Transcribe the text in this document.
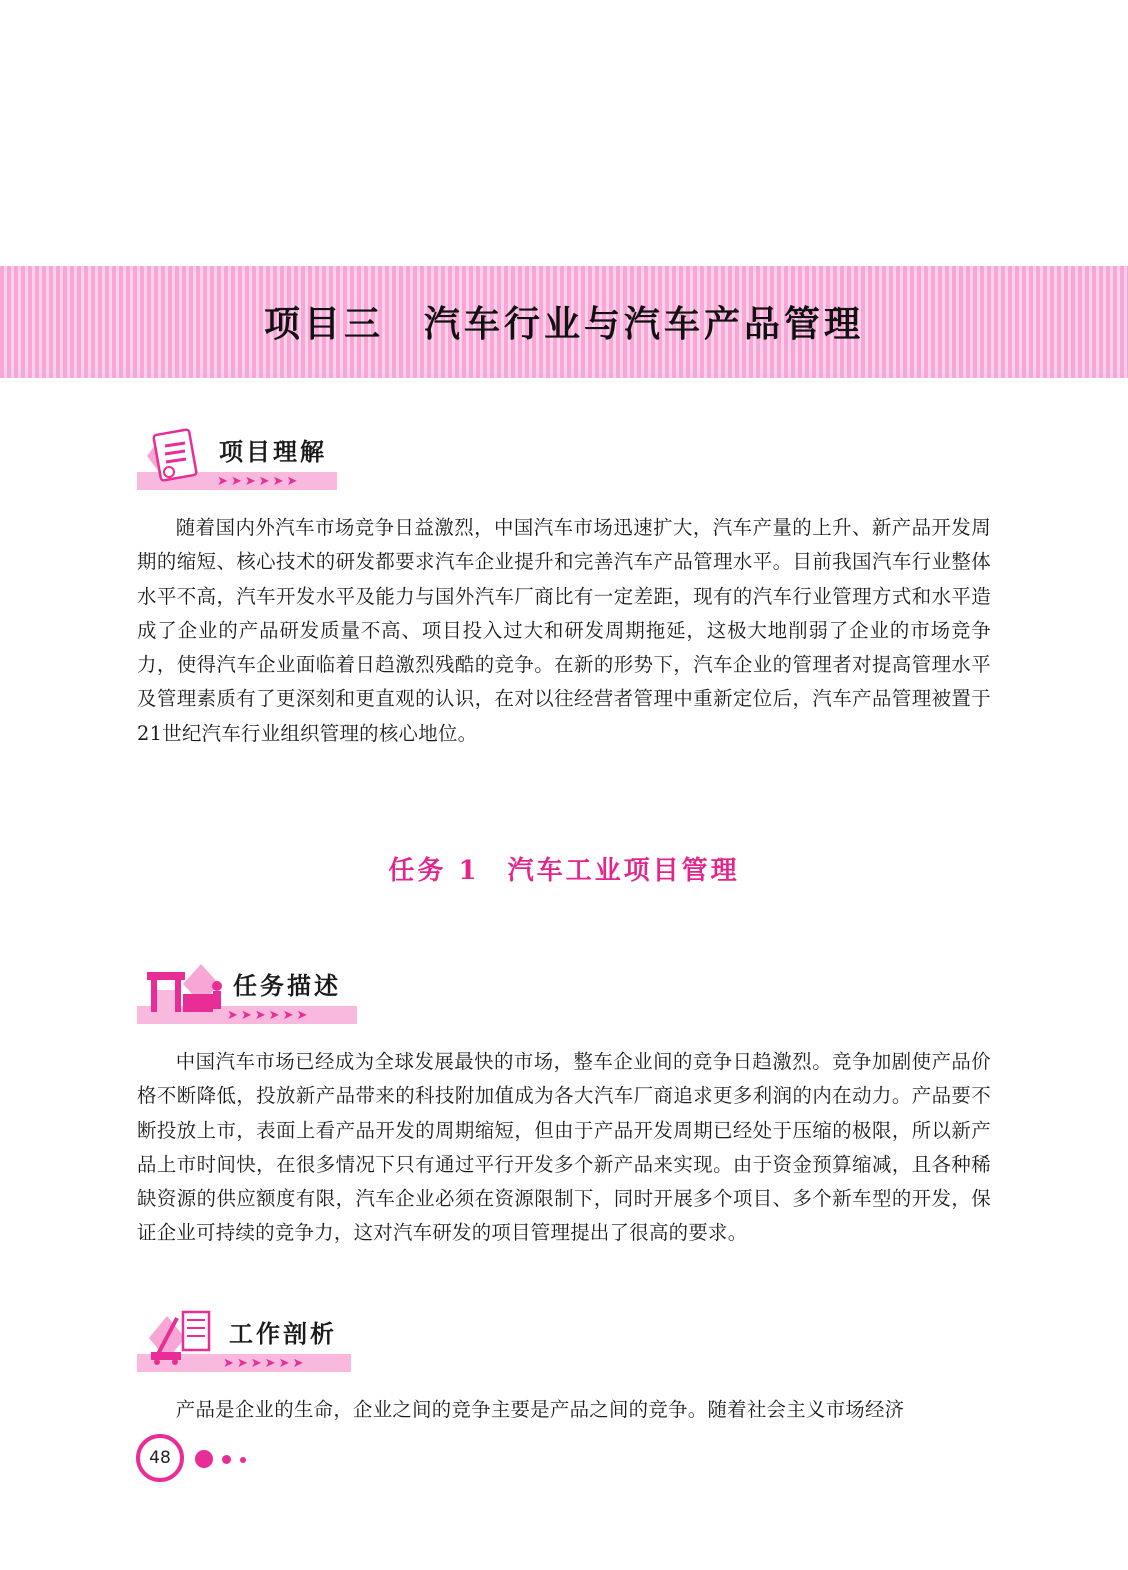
项目三 汽车行业与汽车产品管理
➤➤➤➤➤➤
项目理解

随着国内外汽车市场竞争日益激烈，中国汽车市场迅速扩大，汽车产量的上升、新产品开发周期的缩短、核心技术的研发都要求汽车企业提升和完善汽车产品管理水平。目前我国汽车行业整体水平不高，汽车开发水平及能力与国外汽车厂商比有一定差距，现有的汽车行业管理方式和水平造成了企业的产品研发质量不高、项目投入过大和研发周期拖延，这极大地削弱了企业的市场竞争力，使得汽车企业面临着日趋激烈残酷的竞争。在新的形势下，汽车企业的管理者对提高管理水平及管理素质有了更深刻和更直观的认识，在对以往经营者管理中重新定位后，汽车产品管理被置于21世纪汽车行业组织管理的核心地位。

任务 1 汽车工业项目管理
➤➤➤➤➤➤
任务描述

中国汽车市场已经成为全球发展最快的市场，整车企业间的竞争日趋激烈。竞争加剧使产品价格不断降低，投放新产品带来的科技附加值成为各大汽车厂商追求更多利润的内在动力。产品要不断投放上市，表面上看产品开发的周期缩短，但由于产品开发周期已经处于压缩的极限，所以新产品上市时间快，在很多情况下只有通过平行开发多个新产品来实现。由于资金预算缩减，且各种稀缺资源的供应额度有限，汽车企业必须在资源限制下，同时开展多个项目、多个新车型的开发，保证企业可持续的竞争力，这对汽车研发的项目管理提出了很高的要求。

➤➤➤➤➤➤
工作剖析

产品是企业的生命，企业之间的竞争主要是产品之间的竞争。随着社会主义市场经济

48
